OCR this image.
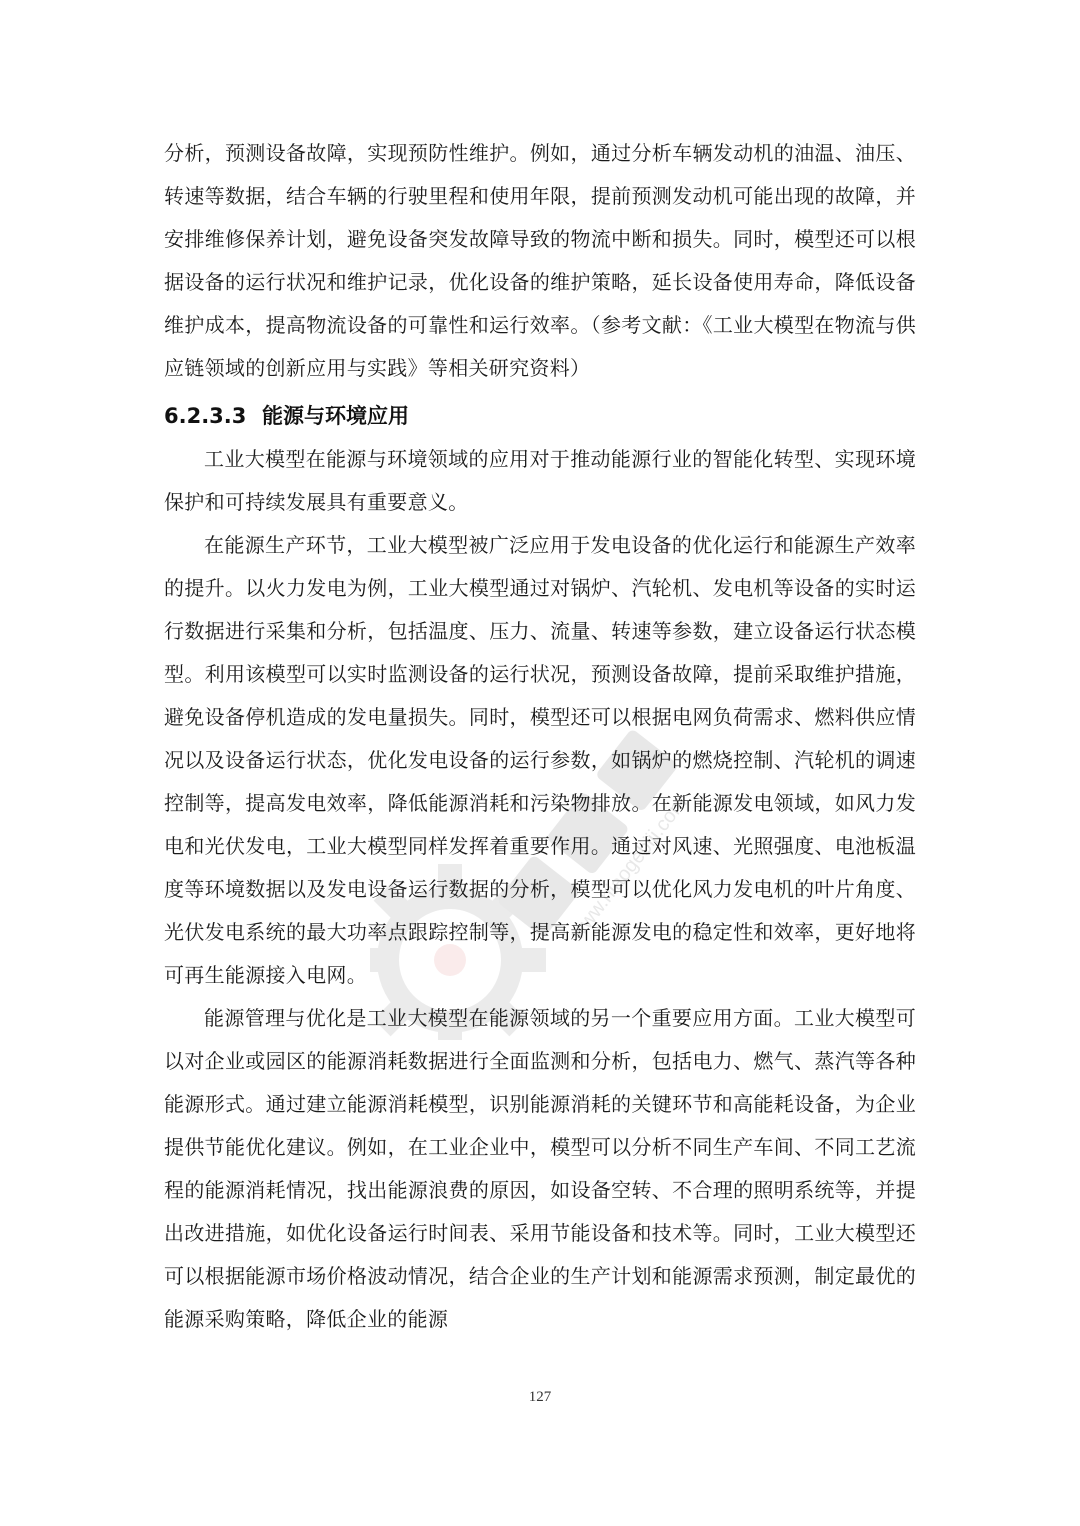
www.niaogebiji.com

分析，预测设备故障，实现预防性维护。例如，通过分析车辆发动机的油温、油压、转速等数据，结合车辆的行驶里程和使用年限，提前预测发动机可能出现的故障，并安排维修保养计划，避免设备突发故障导致的物流中断和损失。同时，模型还可以根据设备的运行状况和维护记录，优化设备的维护策略，延长设备使用寿命，降低设备维护成本，提高物流设备的可靠性和运行效率。（参考文献：《工业大模型在物流与供应链领域的创新应用与实践》等相关研究资料）

6.2.3.3 能源与环境应用

工业大模型在能源与环境领域的应用对于推动能源行业的智能化转型、实现环境保护和可持续发展具有重要意义。

在能源生产环节，工业大模型被广泛应用于发电设备的优化运行和能源生产效率的提升。以火力发电为例，工业大模型通过对锅炉、汽轮机、发电机等设备的实时运行数据进行采集和分析，包括温度、压力、流量、转速等参数，建立设备运行状态模型。利用该模型可以实时监测设备的运行状况，预测设备故障，提前采取维护措施，避免设备停机造成的发电量损失。同时，模型还可以根据电网负荷需求、燃料供应情况以及设备运行状态，优化发电设备的运行参数，如锅炉的燃烧控制、汽轮机的调速控制等，提高发电效率，降低能源消耗和污染物排放。在新能源发电领域，如风力发电和光伏发电，工业大模型同样发挥着重要作用。通过对风速、光照强度、电池板温度等环境数据以及发电设备运行数据的分析，模型可以优化风力发电机的叶片角度、光伏发电系统的最大功率点跟踪控制等，提高新能源发电的稳定性和效率，更好地将可再生能源接入电网。

能源管理与优化是工业大模型在能源领域的另一个重要应用方面。工业大模型可以对企业或园区的能源消耗数据进行全面监测和分析，包括电力、燃气、蒸汽等各种能源形式。通过建立能源消耗模型，识别能源消耗的关键环节和高能耗设备，为企业提供节能优化建议。例如，在工业企业中，模型可以分析不同生产车间、不同工艺流程的能源消耗情况，找出能源浪费的原因，如设备空转、不合理的照明系统等，并提出改进措施，如优化设备运行时间表、采用节能设备和技术等。同时，工业大模型还可以根据能源市场价格波动情况，结合企业的生产计划和能源需求预测，制定最优的能源采购策略，降低企业的能源

127
